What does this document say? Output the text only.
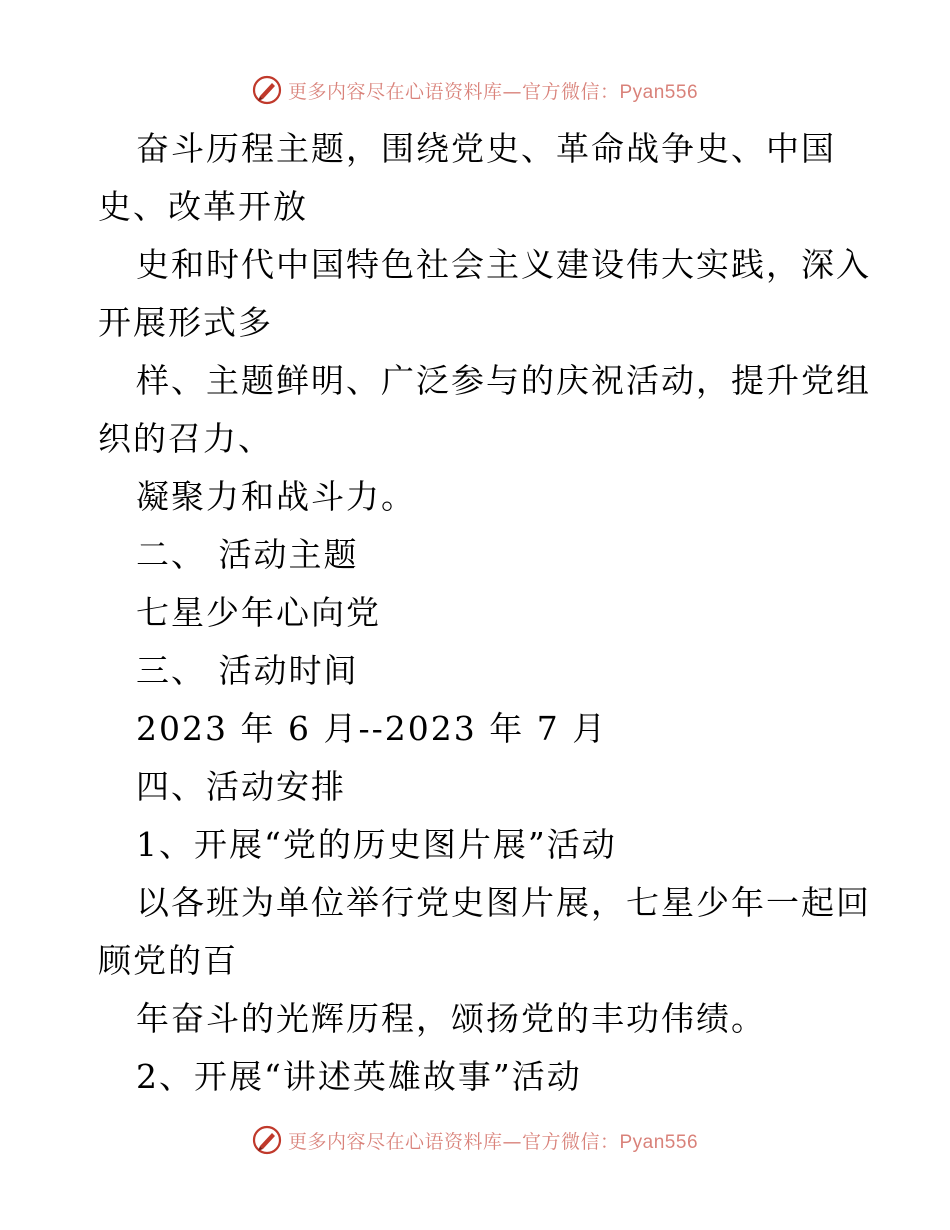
更多内容尽在心语资料库—官方微信：Pyan556
奋斗历程主题，围绕党史、革命战争史、中国
史、改革开放
史和时代中国特色社会主义建设伟大实践，深入
开展形式多
样、主题鲜明、广泛参与的庆祝活动，提升党组
织的召力、
凝聚力和战斗力。
二、 活动主题
七星少年心向党
三、 活动时间
2023 年 6 月--2023 年 7 月
四、活动安排
1、开展“党的历史图片展”活动
以各班为单位举行党史图片展，七星少年一起回
顾党的百
年奋斗的光辉历程，颂扬党的丰功伟绩。
2、开展“讲述英雄故事”活动
更多内容尽在心语资料库—官方微信：Pyan556
